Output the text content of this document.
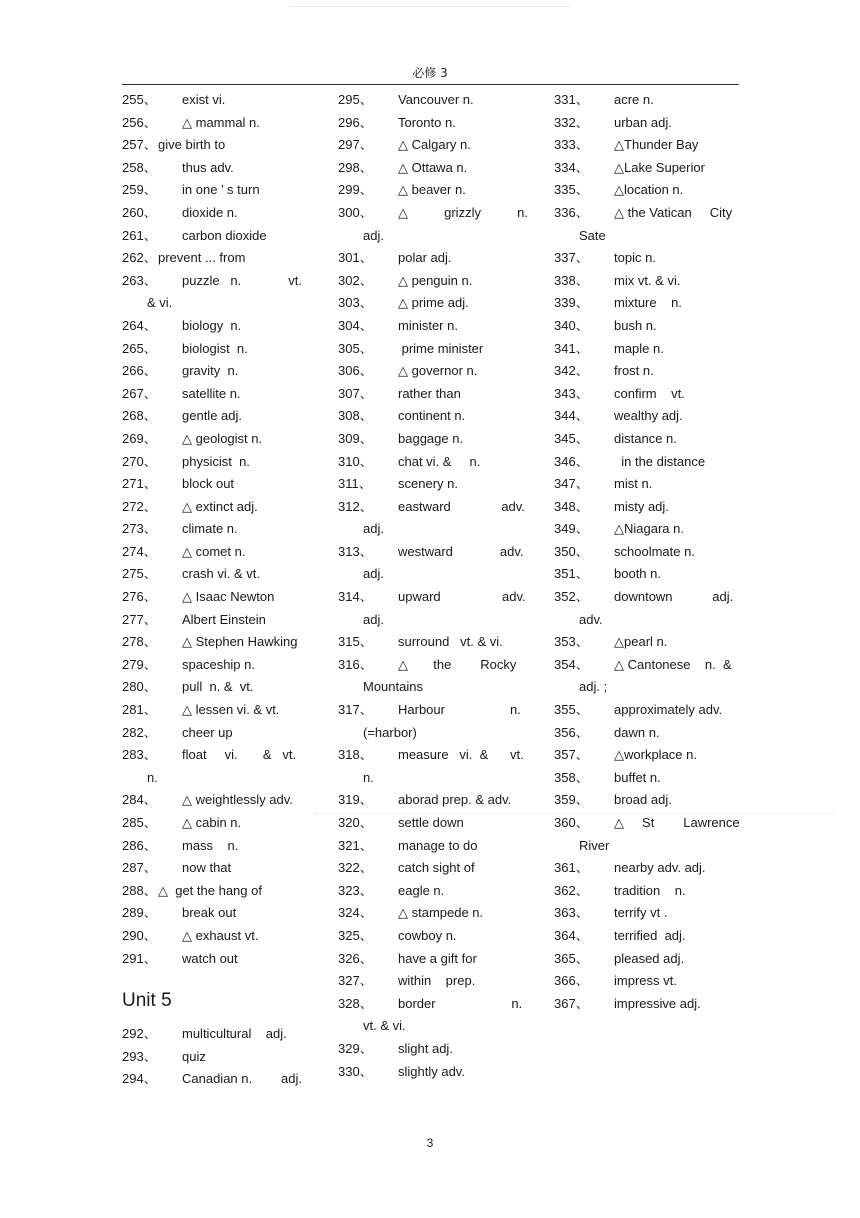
必修 3
255、 exist vi.
256、 △ mammal n.
257、 give birth to
258、 thus adv.
259、 in one ’ s turn
260、 dioxide n.
261、 carbon dioxide
262、 prevent ... from
263、 puzzle   n.             vt.
& vi.
264、 biology  n.
265、 biologist  n.
266、 gravity  n.
267、 satellite n.
268、 gentle adj.
269、 △ geologist n.
270、 physicist  n.
271、 block out
272、 △ extinct adj.
273、 climate n.
274、 △ comet n.
275、 crash vi. & vt.
276、 △ Isaac Newton
277、 Albert Einstein
278、 △ Stephen Hawking
279、 spaceship n.
280、 pull  n. &  vt.
281、 △ lessen vi. & vt.
282、 cheer up
283、 float     vi.       &   vt.
n.
284、 △ weightlessly adv.
285、 △ cabin n.
286、 mass    n.
287、 now that
288、 △  get the hang of
289、 break out
290、 △ exhaust vt.
291、 watch out
Unit 5
292、 multicultural    adj.
293、 quiz
294、 Canadian n.        adj.
295、 Vancouver n.
296、 Toronto n.
297、 △ Calgary n.
298、 △ Ottawa n.
299、 △ beaver n.
300、 △          grizzly          n.
adj.
301、 polar adj.
302、 △ penguin n.
303、 △ prime adj.
304、 minister n.
305、 prime minister
306、 △ governor n.
307、 rather than
308、 continent n.
309、 baggage n.
310、 chat vi. &     n.
311、 scenery n.
312、 eastward              adv.
adj.
313、 westward             adv.
adj.
314、 upward                 adv.
adj.
315、 surround   vt. & vi.
316、 △       the        Rocky
Mountains
317、 Harbour                  n.
(=harbor)
318、 measure   vi.  &      vt.
n.
319、 aborad prep. & adv.
320、 settle down
321、 manage to do
322、 catch sight of
323、 eagle n.
324、 △ stampede n.
325、 cowboy n.
326、 have a gift for
327、 within    prep.
328、 border                     n.
vt. & vi.
329、 slight adj.
330、 slightly adv.
331、 acre n.
332、 urban adj.
333、 △Thunder Bay
334、 △Lake Superior
335、 △location n.
336、 △ the Vatican     City
Sate
337、 topic n.
338、 mix vt. & vi.
339、 mixture    n.
340、 bush n.
341、 maple n.
342、 frost n.
343、 confirm    vt.
344、 wealthy adj.
345、 distance n.
346、 in the distance
347、 mist n.
348、 misty adj.
349、 △Niagara n.
350、 schoolmate n.
351、 booth n.
352、 downtown           adj.
adv.
353、 △pearl n.
354、 △ Cantonese    n.  &
adj. ;
355、 approximately adv.
356、 dawn n.
357、 △workplace n.
358、 buffet n.
359、 broad adj.
360、 △     St        Lawrence
River
361、 nearby adv. adj.
362、 tradition    n.
363、 terrify vt .
364、 terrified  adj.
365、 pleased adj.
366、 impress vt.
367、 impressive adj.
3
